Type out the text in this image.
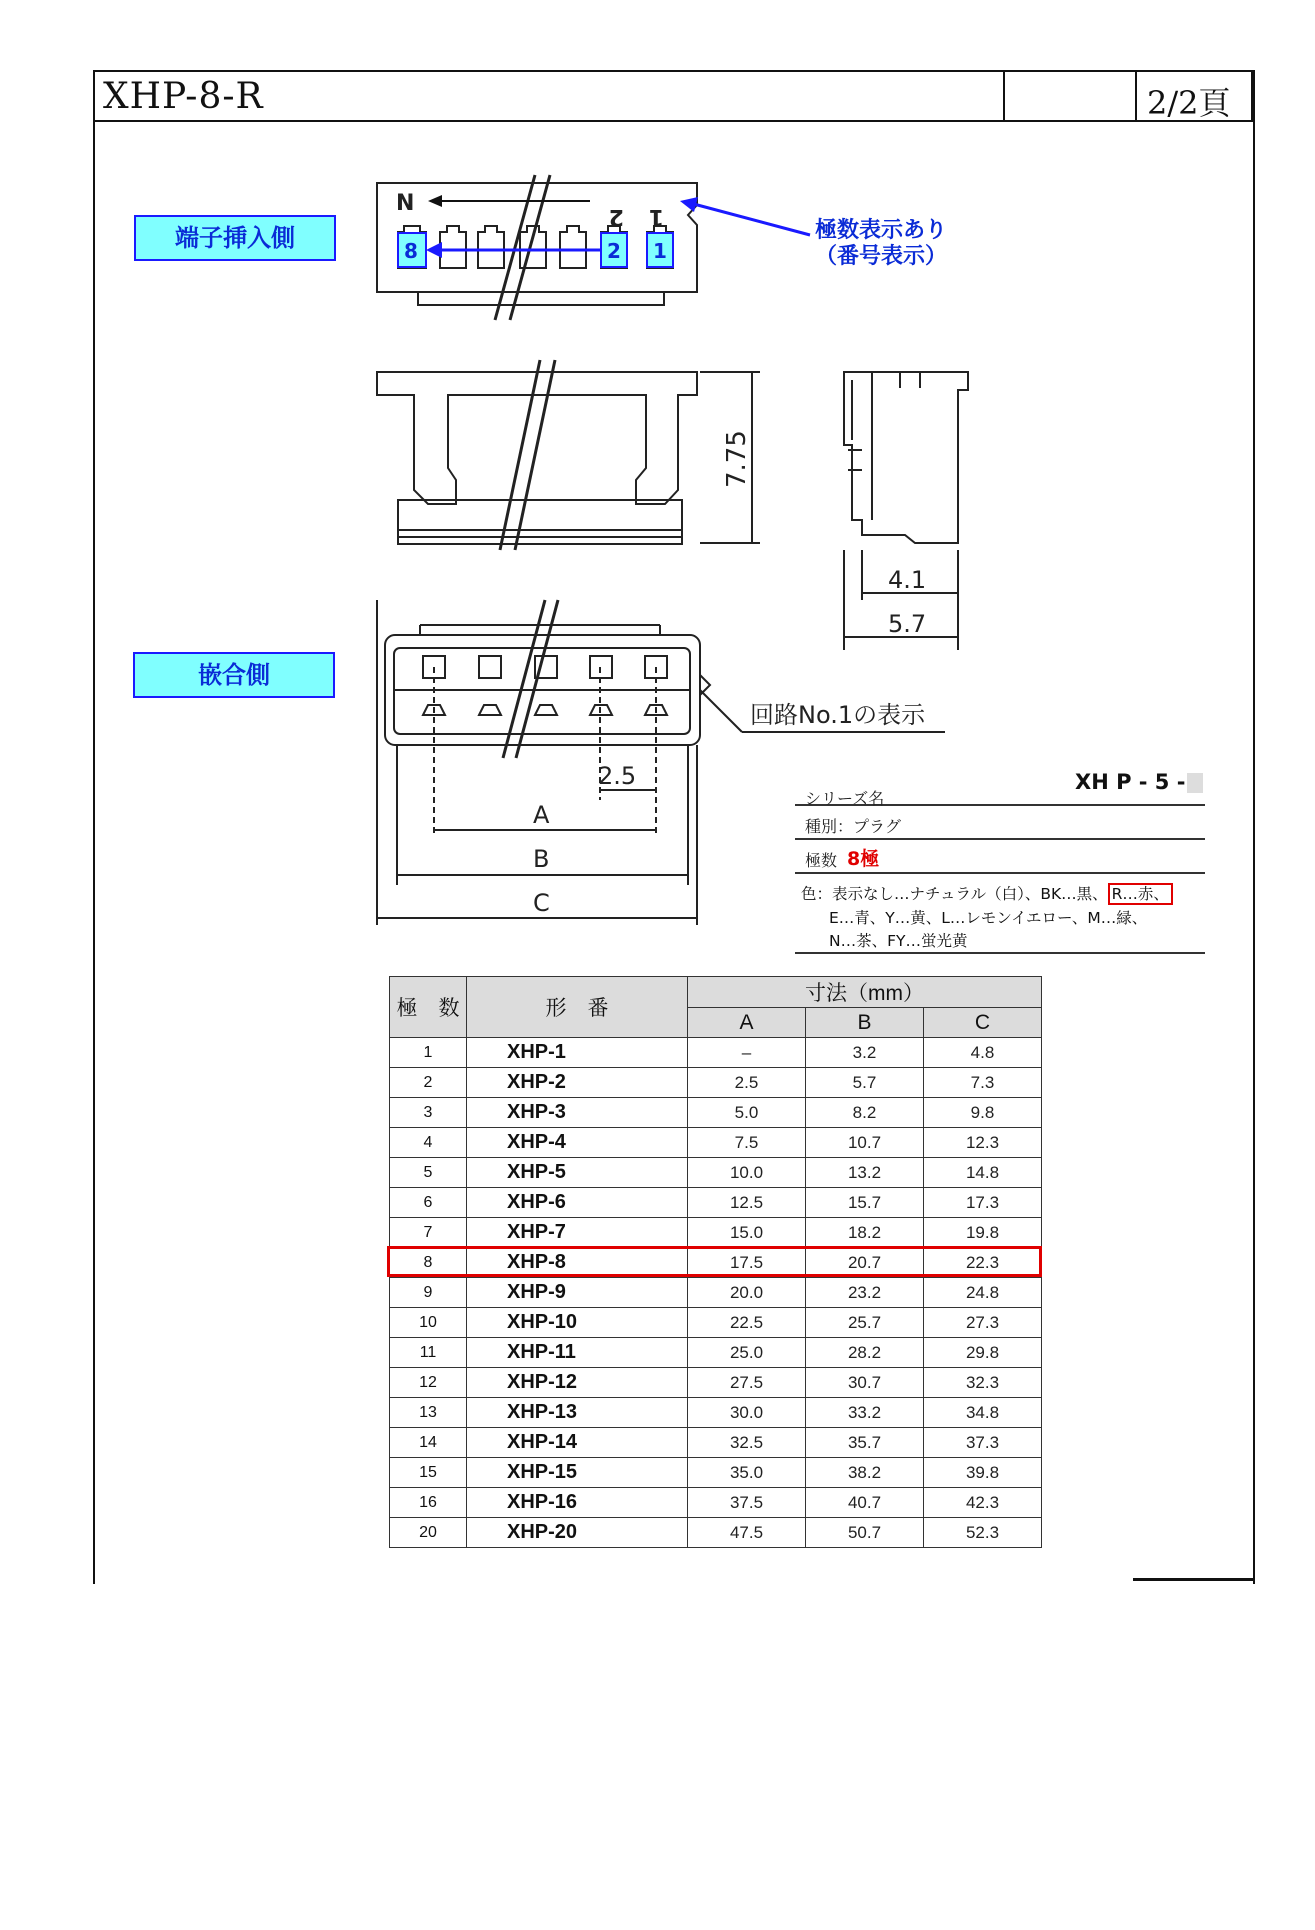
XHP-8-R	2/2頁
端子挿入側
嵌合側
N
2 1
8	2 1
7.75
4.1
5.7
2.5
A
B
C
回路No.1の表示
極数表示あり
（番号表示）
シリーズ名
XH P - 5 -
種別：プラグ
極数 8極
色：表示なし…ナチュラル（白）、BK…黒、 R…赤、
E…青、Y…黄、L…レモンイエロー、M…緑、
N…茶、FY…蛍光黄
極　数	形　番	寸法（mm）		
		A	B	C
1	XHP-1	–	3.2	4.8
2	XHP-2	2.5	5.7	7.3
3	XHP-3	5.0	8.2	9.8
4	XHP-4	7.5	10.7	12.3
5	XHP-5	10.0	13.2	14.8
6	XHP-6	12.5	15.7	17.3
7	XHP-7	15.0	18.2	19.8
8	XHP-8	17.5	20.7	22.3
9	XHP-9	20.0	23.2	24.8
10	XHP-10	22.5	25.7	27.3
11	XHP-11	25.0	28.2	29.8
12	XHP-12	27.5	30.7	32.3
13	XHP-13	30.0	33.2	34.8
14	XHP-14	32.5	35.7	37.3
15	XHP-15	35.0	38.2	39.8
16	XHP-16	37.5	40.7	42.3
20	XHP-20	47.5	50.7	52.3
